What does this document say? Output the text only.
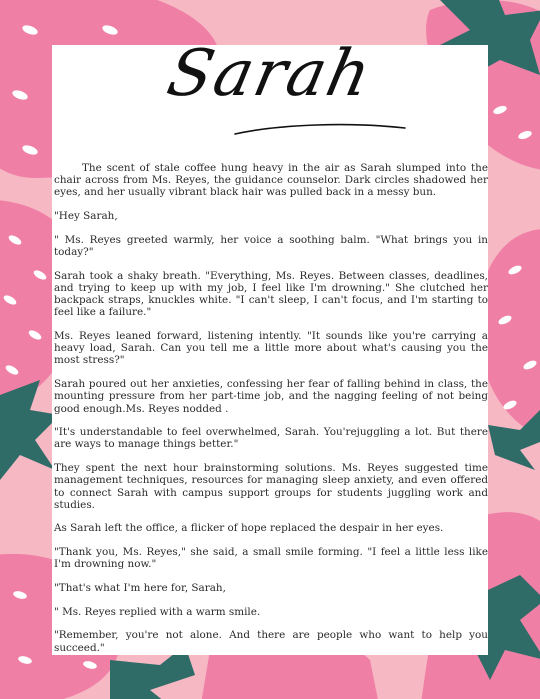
Sarah

The scent of stale coffee hung heavy in the air as Sarah slumped into the chair across from Ms. Reyes, the guidance counselor. Dark circles shadowed her eyes, and her usually vibrant black hair was pulled back in a messy bun.

"Hey Sarah,

" Ms. Reyes greeted warmly, her voice a soothing balm. "What brings you in today?"

Sarah took a shaky breath. "Everything, Ms. Reyes. Between classes, deadlines, and trying to keep up with my job, I feel like I'm drowning." She clutched her backpack straps, knuckles white. "I can't sleep, I can't focus, and I'm starting to feel like a failure."

Ms. Reyes leaned forward, listening intently. "It sounds like you're carrying a heavy load, Sarah. Can you tell me a little more about what's causing you the most stress?"

Sarah poured out her anxieties, confessing her fear of falling behind in class, the mounting pressure from her part-time job, and the nagging feeling of not being good enough.Ms. Reyes nodded .

"It's understandable to feel overwhelmed, Sarah. You'rejuggling a lot. But there are ways to manage things better."

They spent the next hour brainstorming solutions. Ms. Reyes suggested time management techniques, resources for managing sleep anxiety, and even offered to connect Sarah with campus support groups for students juggling work and studies.

As Sarah left the office, a flicker of hope replaced the despair in her eyes.

"Thank you, Ms. Reyes," she said, a small smile forming. "I feel a little less like I'm drowning now."

"That's what I'm here for, Sarah,

" Ms. Reyes replied with a warm smile.

"Remember, you're not alone. And there are people who want to help you succeed."
